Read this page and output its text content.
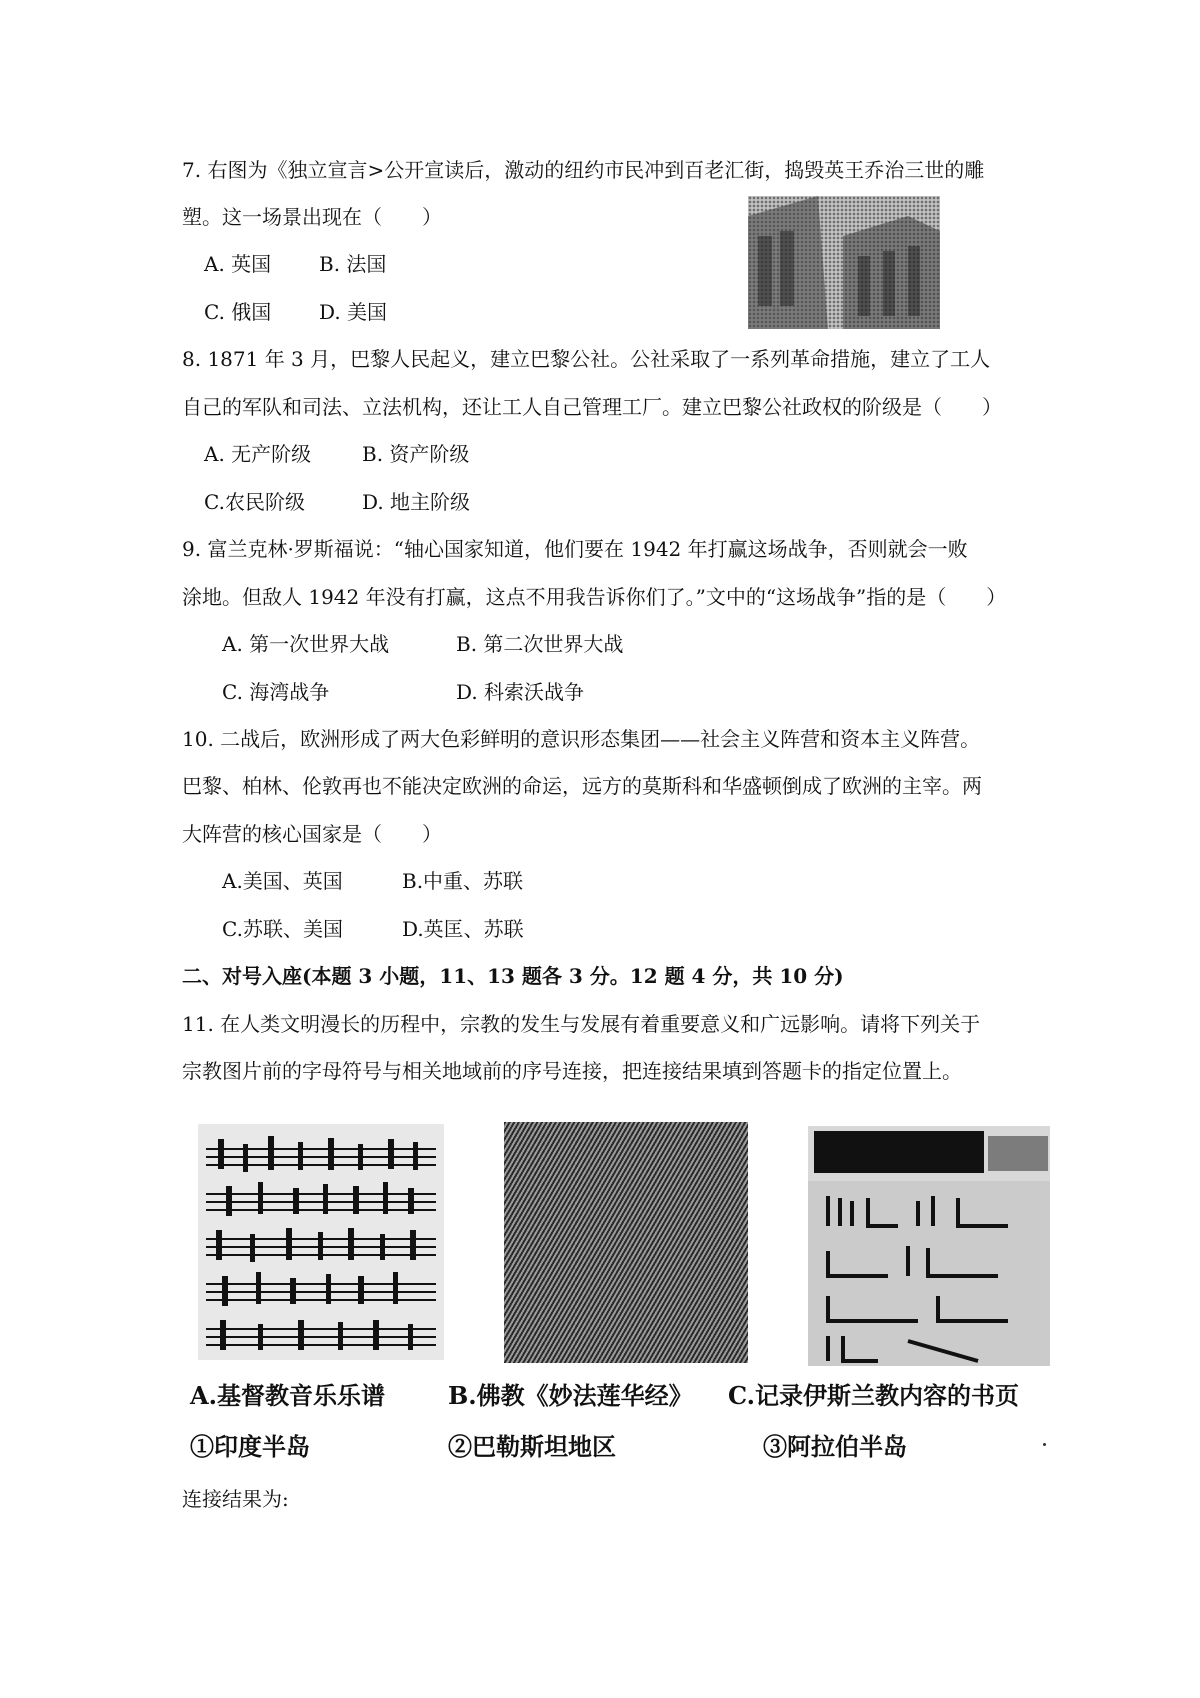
7. 右图为《独立宣言>公开宣读后，激动的纽约市民冲到百老汇街，捣毁英王乔治三世的雕
塑。这一场景出现在（　　）
A. 英国 B. 法国
C. 俄国 D. 美国
8. 1871 年 3 月，巴黎人民起义，建立巴黎公社。公社采取了一系列革命措施，建立了工人
自己的军队和司法、立法机构，还让工人自己管理工厂。建立巴黎公社政权的阶级是（　　）
A. 无产阶级	B. 资产阶级
C.农民阶级	D. 地主阶级
9. 富兰克林·罗斯福说：“轴心国家知道，他们要在 1942 年打赢这场战争，否则就会一败
涂地。但敌人 1942 年没有打赢，这点不用我告诉你们了。”文中的“这场战争”指的是（　　）
A. 第一次世界大战	B. 第二次世界大战
C. 海湾战争	D. 科索沃战争
10. 二战后，欧洲形成了两大色彩鲜明的意识形态集团——社会主义阵营和资本主义阵营。
巴黎、柏林、伦敦再也不能决定欧洲的命运，远方的莫斯科和华盛顿倒成了欧洲的主宰。两
大阵营的核心国家是（　　）
A.美国、英国	B.中重、苏联
C.苏联、美国	D.英匡、苏联
二、对号入座(本题 3 小题，11、13 题各 3 分。12 题 4 分，共 10 分)
11. 在人类文明漫长的历程中，宗教的发生与发展有着重要意义和广远影响。请将下列关于
宗教图片前的字母符号与相关地域前的序号连接，把连接结果填到答题卡的指定位置上。
A.基督教音乐乐谱	B.佛教《妙法莲华经》 C.记录伊斯兰教内容的书页
①印度半岛	②巴勒斯坦地区	③阿拉伯半岛
连接结果为:
